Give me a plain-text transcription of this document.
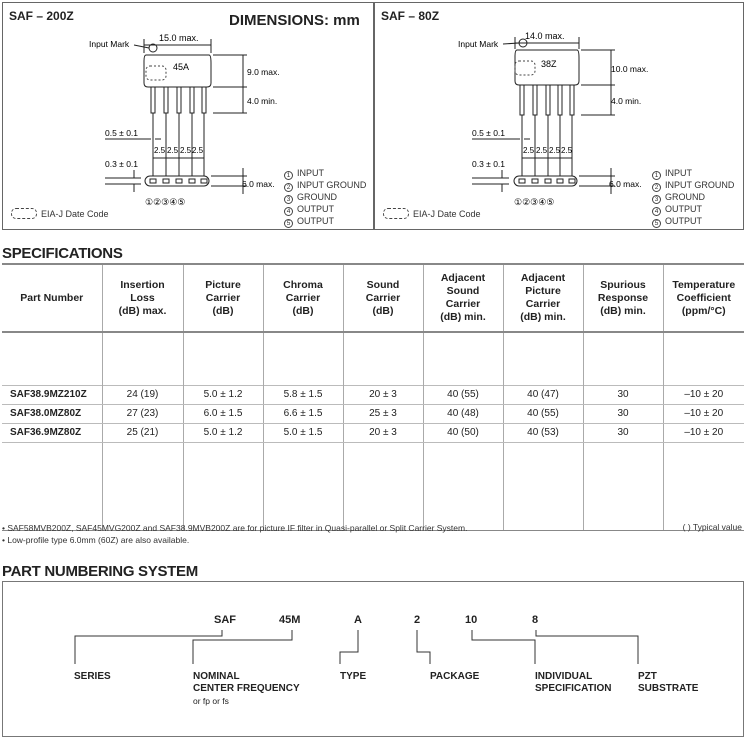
SAF – 200Z	DIMENSIONS: mm
45A
15.0 max.
Input Mark
9.0 max.
4.0 min.
0.5 ± 0.1
2.5 2.5 2.5 2.5
0.3 ± 0.1
6.0 max.
①②③④⑤
1 INPUT
2 INPUT GROUND
3 GROUND
4 OUTPUT
5 OUTPUT
EIA-J Date Code
SAF – 80Z
38Z
14.0 max.
Input Mark
10.0 max.
4.0 min.
0.5 ± 0.1
2.5 2.5 2.5 2.5
0.3 ± 0.1
6.0 max.
①②③④⑤
1 INPUT
2 INPUT GROUND
3 GROUND
4 OUTPUT
5 OUTPUT
EIA-J Date Code
SPECIFICATIONS
Part Number	Insertion
Loss
(dB) max.	Picture
Carrier
(dB)	Chroma
Carrier
(dB)	Sound
Carrier
(dB)	Adjacent
Sound
Carrier
(dB) min.	Adjacent
Picture
Carrier
(dB) min.	Spurious
Response
(dB) min.	Temperature
Coefficient
(ppm/°C)

SAF38.9MZ210Z	24 (19)	5.0 ± 1.2	5.8 ± 1.5	20 ± 3	40 (55)	40 (47)	30	–10 ± 20
SAF38.0MZ80Z	27 (23)	6.0 ± 1.5	6.6 ± 1.5	25 ± 3	40 (48)	40 (55)	30	–10 ± 20
SAF36.9MZ80Z	25 (21)	5.0 ± 1.2	5.0 ± 1.5	20 ± 3	40 (50)	40 (53)	30	–10 ± 20

• SAF58MVB200Z, SAF45MVG200Z and SAF38.9MVB200Z are for picture IF filter in Quasi-parallel or Split Carrier System.
• Low-profile type 6.0mm (60Z) are also available.
( ) Typical value
PART NUMBERING SYSTEM
SAF	45M	A	2	10	8
SERIES	NOMINAL
CENTER FREQUENCY
or fp or fs
TYPE	PACKAGE	INDIVIDUAL
SPECIFICATION
PZT
SUBSTRATE
